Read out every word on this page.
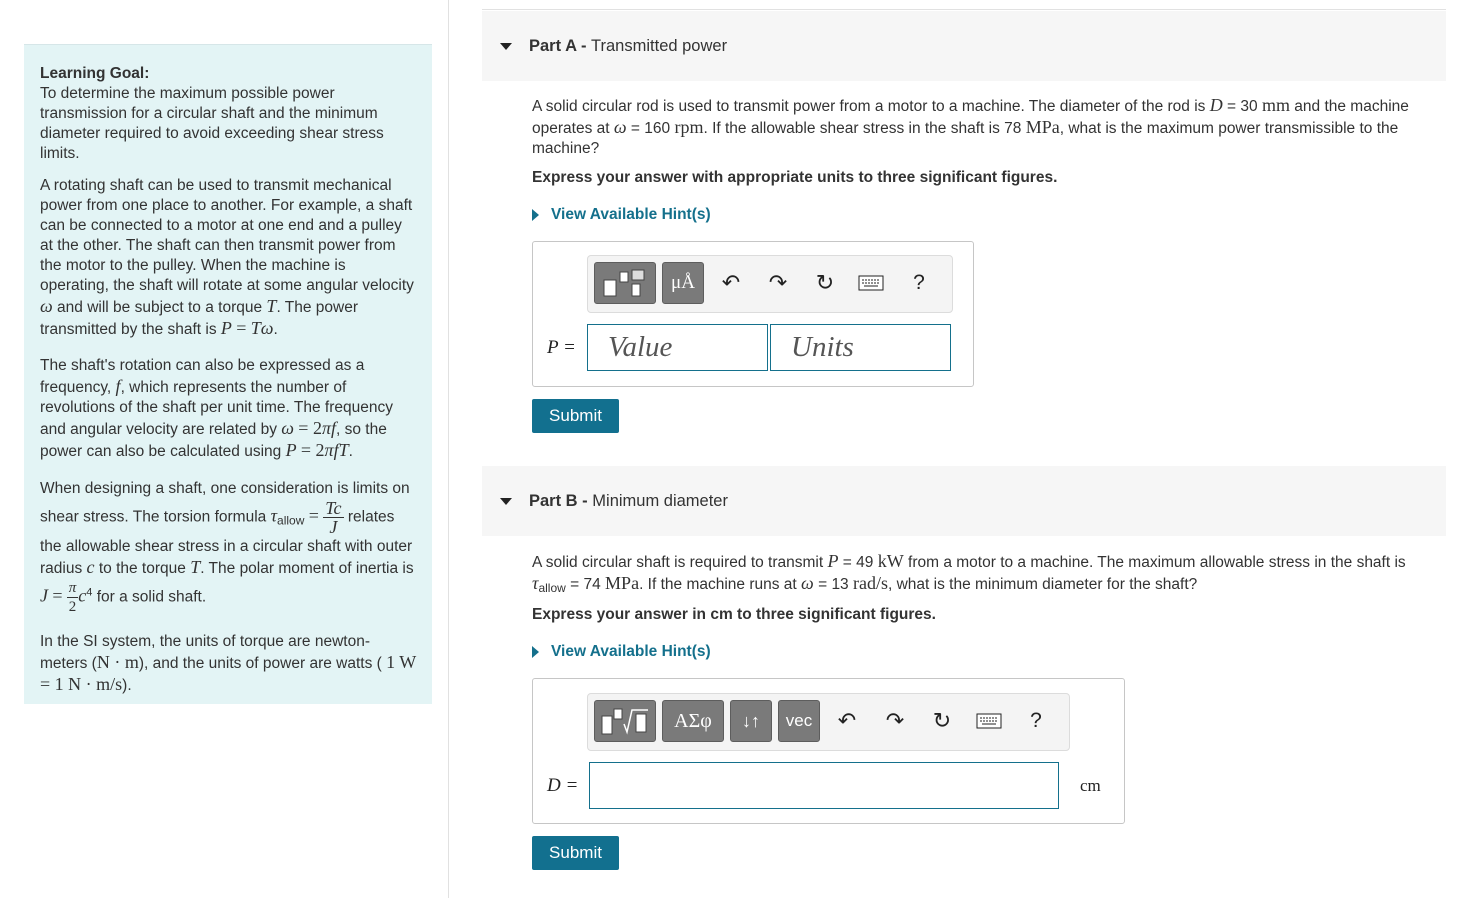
Learning Goal:

To determine the maximum possible power transmission for a circular shaft and the minimum diameter required to avoid exceeding shear stress limits.

A rotating shaft can be used to transmit mechanical power from one place to another. For example, a shaft can be connected to a motor at one end and a pulley at the other. The shaft can then transmit power from the motor to the pulley. When the machine is operating, the shaft will rotate at some angular velocity ω and will be subject to a torque T. The power transmitted by the shaft is P = Tω.

The shaft's rotation can also be expressed as a frequency, f, which represents the number of revolutions of the shaft per unit time. The frequency and angular velocity are related by ω = 2πf, so the power can also be calculated using P = 2πfT.

When designing a shaft, one consideration is limits on shear stress. The torsion formula $\tau_{allow} = \frac{Tc}{J}$ relates the allowable shear stress in a circular shaft with outer radius c to the torque T. The polar moment of inertia is $J = \frac{\pi}{2} c^4$ for a solid shaft.

In the SI system, the units of torque are newton-meters (N · m), and the units of power are watts ( 1 W = 1 N · m/s).

Part A -
Transmitted power
A solid circular rod is used to transmit power from a motor to a machine. The diameter of the rod is D = 30 mm and the machine operates at ω = 160 rpm. If the allowable shear stress in the shaft is 78 MPa, what is the maximum power transmissible to the machine?
Express your answer with appropriate units to three significant figures.
View Available Hint(s)
μÅ	↶ ↷ ↻	?
P = Value	Units
Submit
Part B -
Minimum diameter
A solid circular shaft is required to transmit P = 49 kW from a motor to a machine. The maximum allowable stress in the shaft is $\tau_{allow} = 74$ MPa. If the machine runs at ω = 13 rad/s, what is the minimum diameter for the shaft?
Express your answer in cm to three significant figures.
View Available Hint(s)
ΑΣφ	↓↑	vec	↶ ↷ ↻	?
D =	cm
Submit
